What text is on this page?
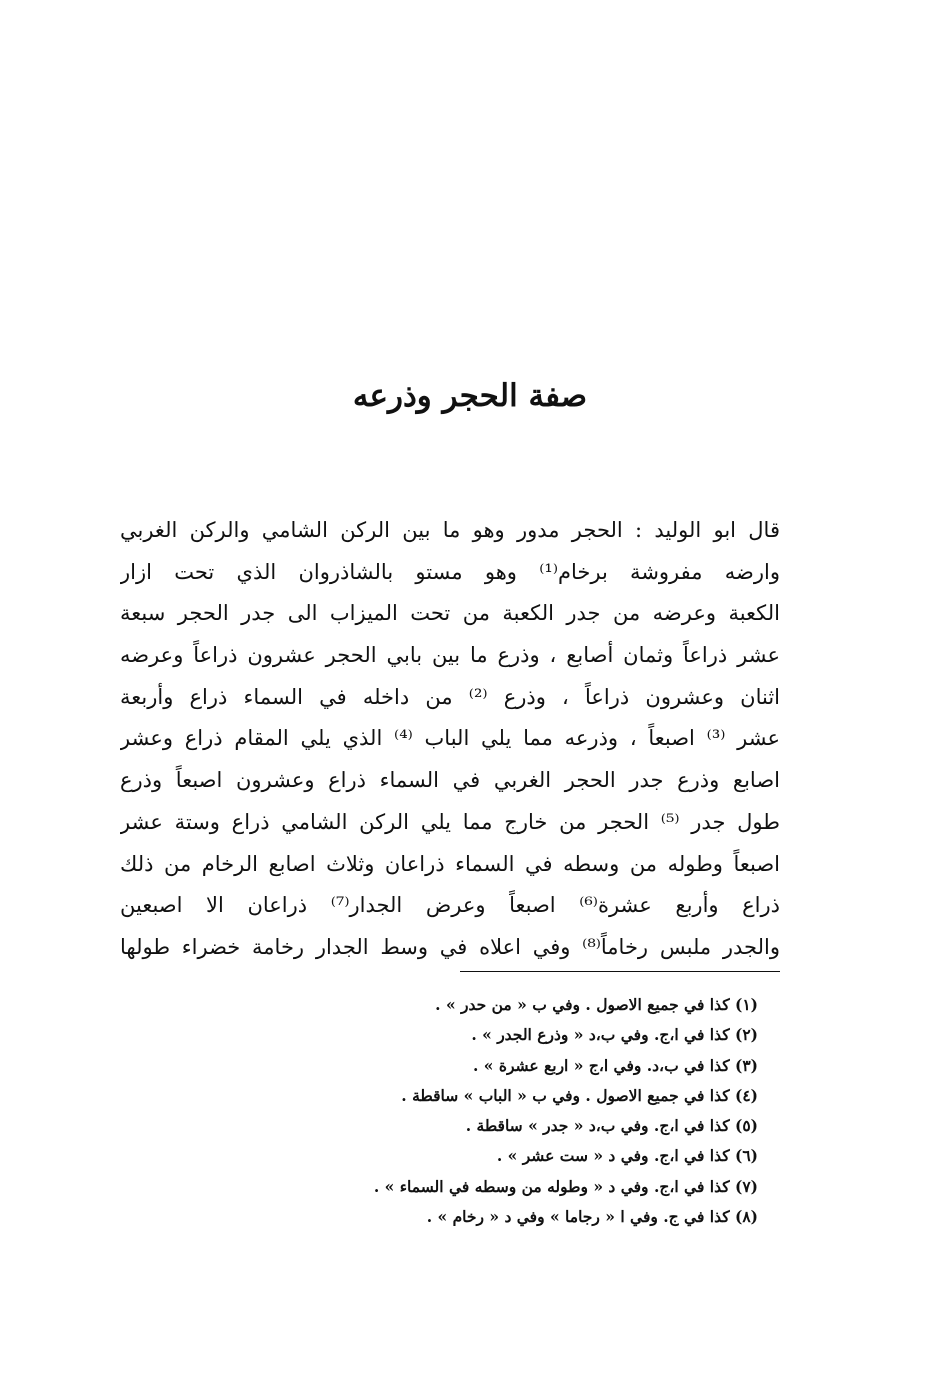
صفة الحجر وذرعه
قال ابو الوليد : الحجر مدور وهو ما بين الركن الشامي والركن الغربي
وارضه مفروشة برخام⁽¹⁾ وهو مستو بالشاذروان الذي تحت ازار
الكعبة وعرضه من جدر الكعبة من تحت الميزاب الى جدر الحجر سبعة
عشر ذراعاً وثمان أصابع ، وذرع ما بين بابي الحجر عشرون ذراعاً وعرضه
اثنان وعشرون ذراعاً ، وذرع ⁽²⁾ من داخله في السماء ذراع وأربعة
عشر ⁽³⁾ اصبعاً ، وذرعه مما يلي الباب ⁽⁴⁾ الذي يلي المقام ذراع وعشر
اصابع وذرع جدر الحجر الغربي في السماء ذراع وعشرون اصبعاً وذرع
طول جدر ⁽⁵⁾ الحجر من خارج مما يلي الركن الشامي ذراع وستة عشر
اصبعاً وطوله من وسطه في السماء ذراعان وثلاث اصابع الرخام من ذلك
ذراع وأربع عشرة⁽⁶⁾ اصبعاً وعرض الجدار⁽⁷⁾ ذراعان الا اصبعين
والجدر ملبس رخاماً⁽⁸⁾ وفي اعلاه في وسط الجدار رخامة خضراء طولها
(١) كذا في جميع الاصول . وفي ب « من حدر » .
(٢) كذا في ا،ج. وفي ب،د « وذرع الجدر » .
(٣) كذا في ب،د. وفي ا،ج « اربع عشرة » .
(٤) كذا في جميع الاصول . وفي ب « الباب » ساقطة .
(٥) كذا في ا،ج. وفي ب،د « جدر » ساقطة .
(٦) كذا في ا،ج. وفي د « ست عشر » .
(٧) كذا في ا،ج. وفي د « وطوله من وسطه في السماء » .
(٨) كذا في ج. وفي ا « رجاما » وفي د « رخام » .
